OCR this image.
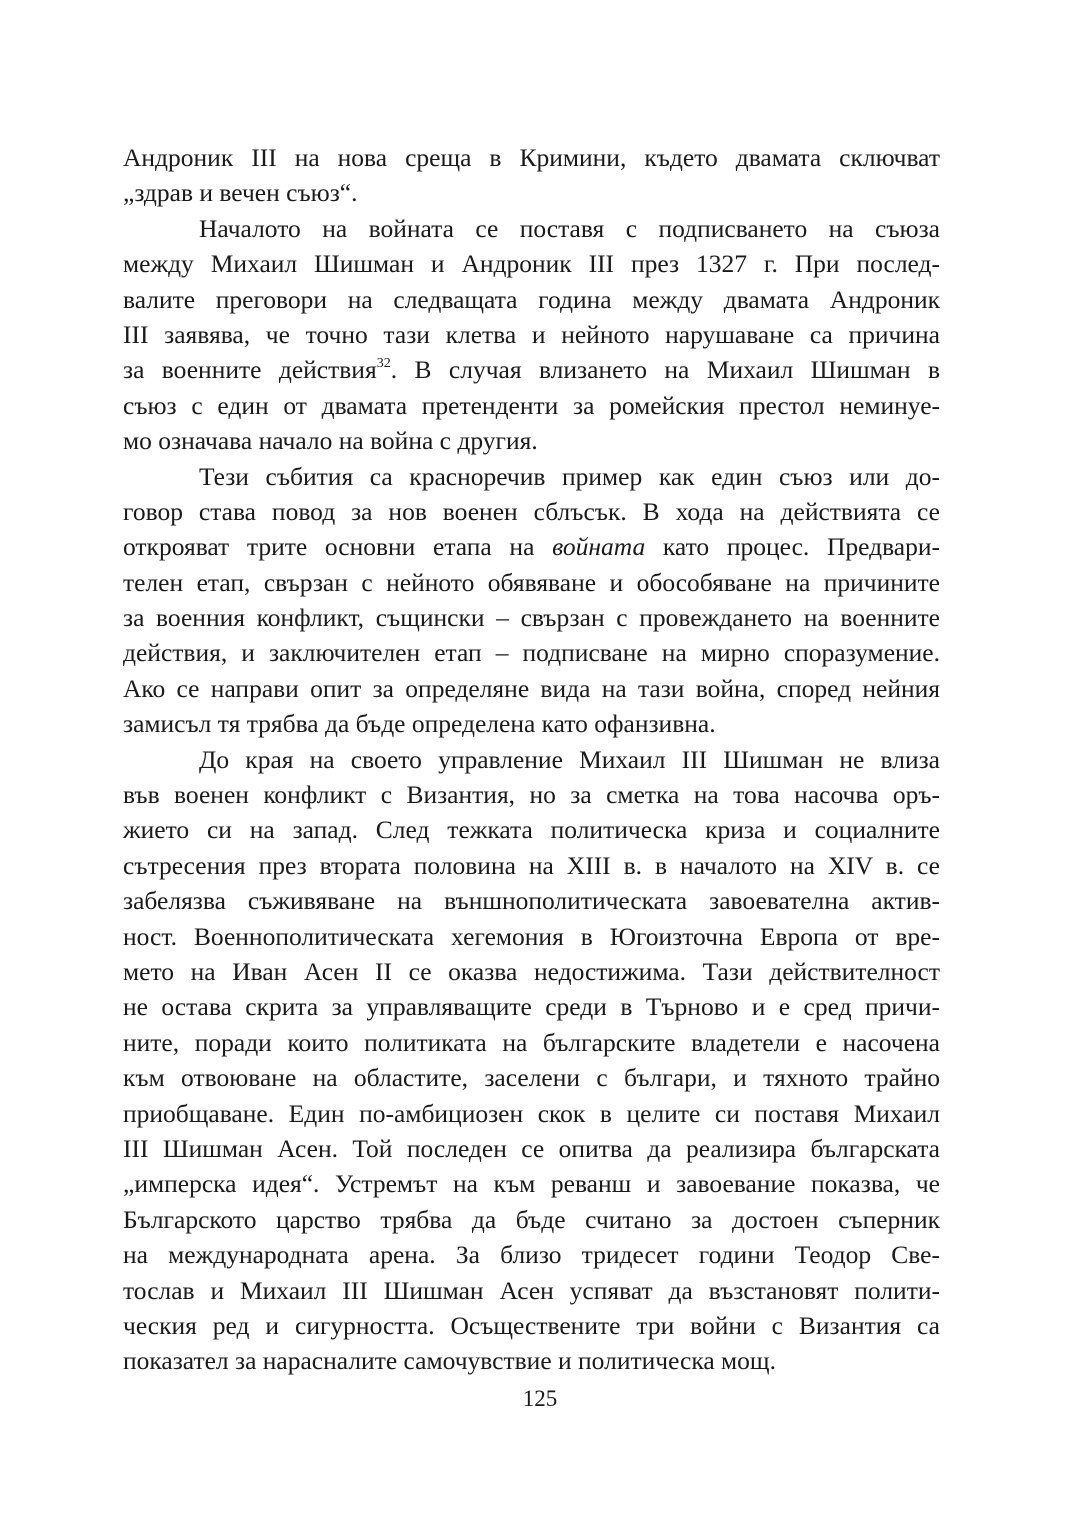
Андроник III на нова среща в Кримини, където двамата сключват
„здрав и вечен съюз“.
Началото на войната се поставя с подписването на съюза
между Михаил Шишман и Андроник III през 1327 г. При послед-
валите преговори на следващата година между двамата Андроник
III заявява, че точно тази клетва и нейното нарушаване са причина
за военните действия$^{32}$. В случая влизането на Михаил Шишман в
съюз с един от двамата претенденти за ромейския престол неминуе-
мо означава начало на война с другия.
Тези събития са красноречив пример как един съюз или до-
говор става повод за нов военен сблъсък. В хода на действията се
открояват трите основни етапа на войната като процес. Предвари-
телен етап, свързан с нейното обявяване и обособяване на причините
за военния конфликт, същински – свързан с провеждането на военните
действия, и заключителен етап – подписване на мирно споразумение.
Ако се направи опит за определяне вида на тази война, според нейния
замисъл тя трябва да бъде определена като офанзивна.
До края на своето управление Михаил III Шишман не влиза
във военен конфликт с Византия, но за сметка на това насочва оръ-
жието си на запад. След тежката политическа криза и социалните
сътресения през втората половина на XIII в. в началото на XIV в. се
забелязва съживяване на външнополитическата завоевателна актив-
ност. Военнополитическата хегемония в Югоизточна Европа от вре-
мето на Иван Асен II се оказва недостижима. Тази действителност
не остава скрита за управляващите среди в Търново и е сред причи-
ните, поради които политиката на българските владетели е насочена
към отвоюване на областите, заселени с българи, и тяхното трайно
приобщаване. Един по-амбициозен скок в целите си поставя Михаил
III Шишман Асен. Той последен се опитва да реализира българската
„имперска идея“. Устремът на към реванш и завоевание показва, че
Българското царство трябва да бъде считано за достоен съперник
на международната арена. За близо тридесет години Теодор Све-
тослав и Михаил III Шишман Асен успяват да възстановят полити-
ческия ред и сигурността. Осъществените три войни с Византия са
показател за нарасналите самочувствие и политическа мощ.
125
